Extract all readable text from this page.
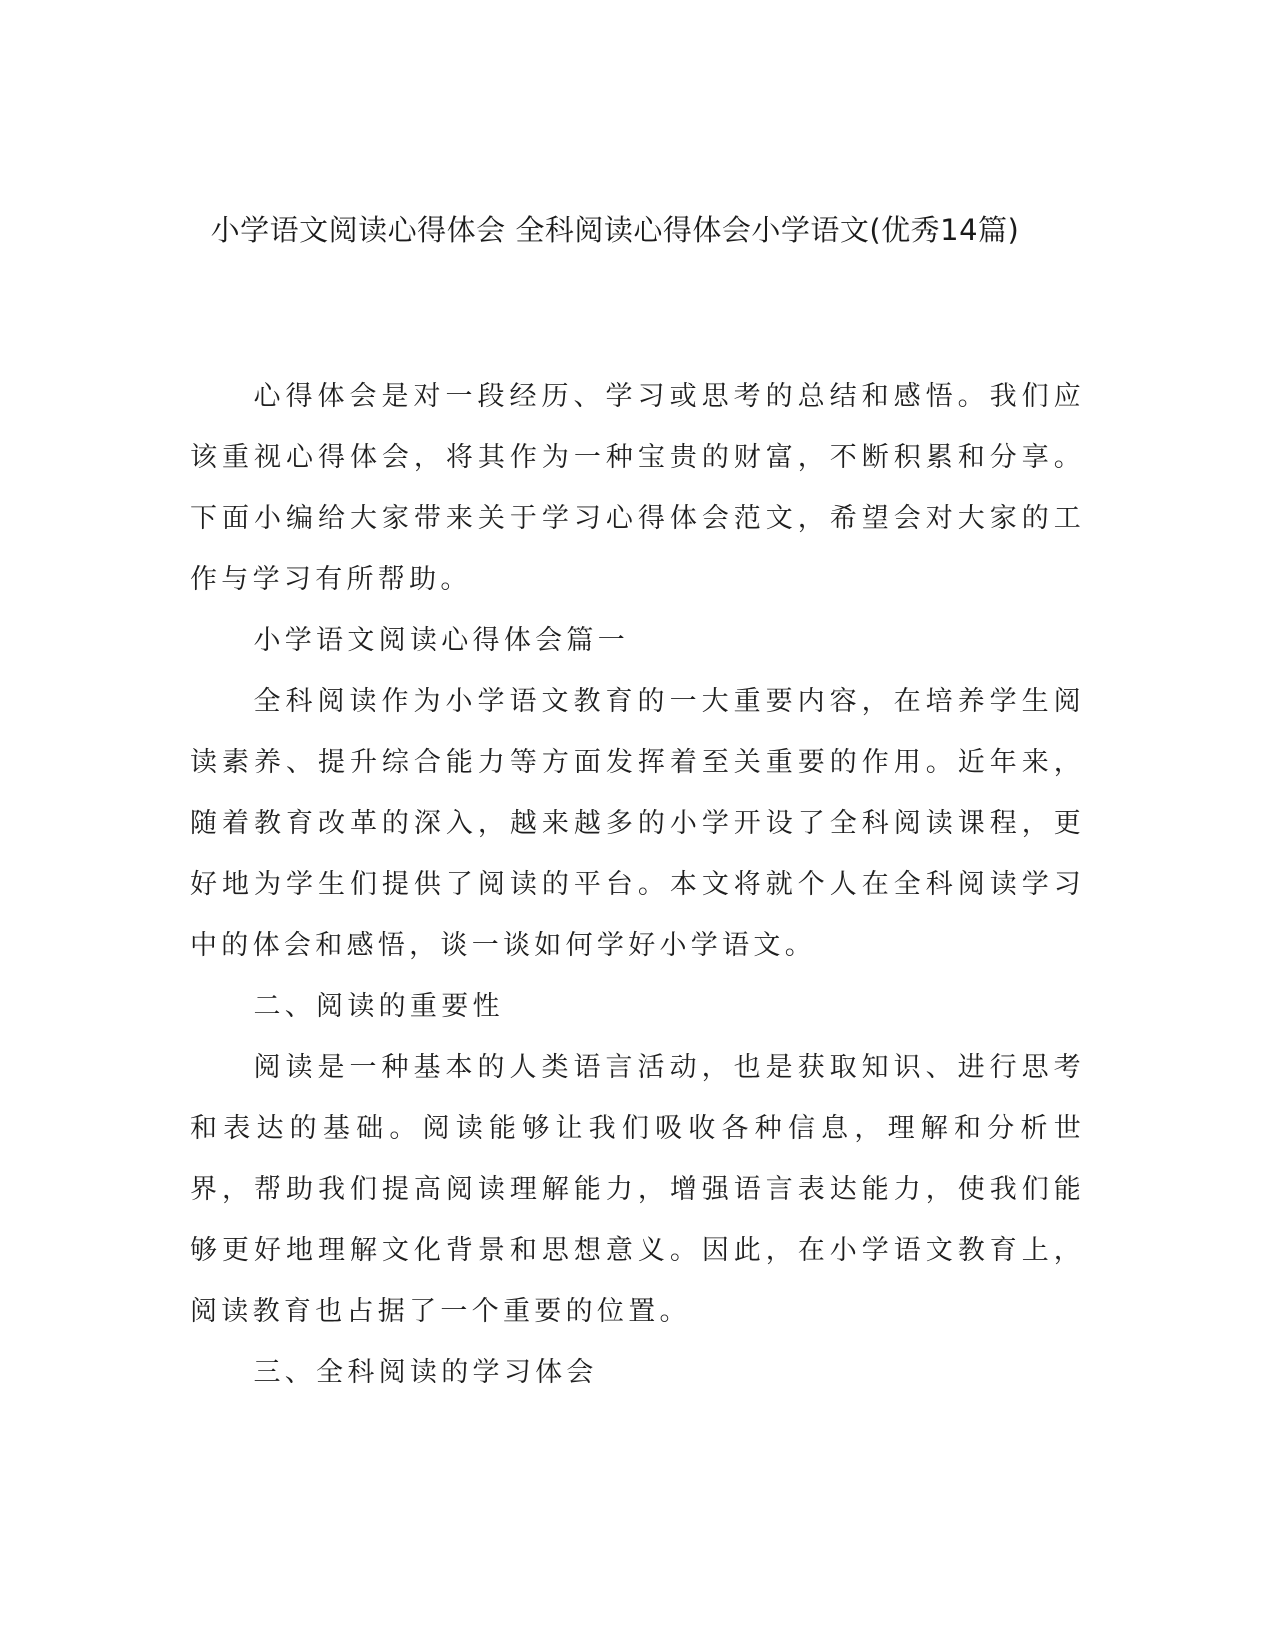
小学语文阅读心得体会 全科阅读心得体会小学语文(优秀14篇)

心得体会是对一段经历、学习或思考的总结和感悟。我们应该重视心得体会，将其作为一种宝贵的财富，不断积累和分享。下面小编给大家带来关于学习心得体会范文，希望会对大家的工作与学习有所帮助。

小学语文阅读心得体会篇一

全科阅读作为小学语文教育的一大重要内容，在培养学生阅读素养、提升综合能力等方面发挥着至关重要的作用。近年来，随着教育改革的深入，越来越多的小学开设了全科阅读课程，更好地为学生们提供了阅读的平台。本文将就个人在全科阅读学习中的体会和感悟，谈一谈如何学好小学语文。

二、阅读的重要性

阅读是一种基本的人类语言活动，也是获取知识、进行思考和表达的基础。阅读能够让我们吸收各种信息，理解和分析世界，帮助我们提高阅读理解能力，增强语言表达能力，使我们能够更好地理解文化背景和思想意义。因此，在小学语文教育上，阅读教育也占据了一个重要的位置。

三、全科阅读的学习体会
